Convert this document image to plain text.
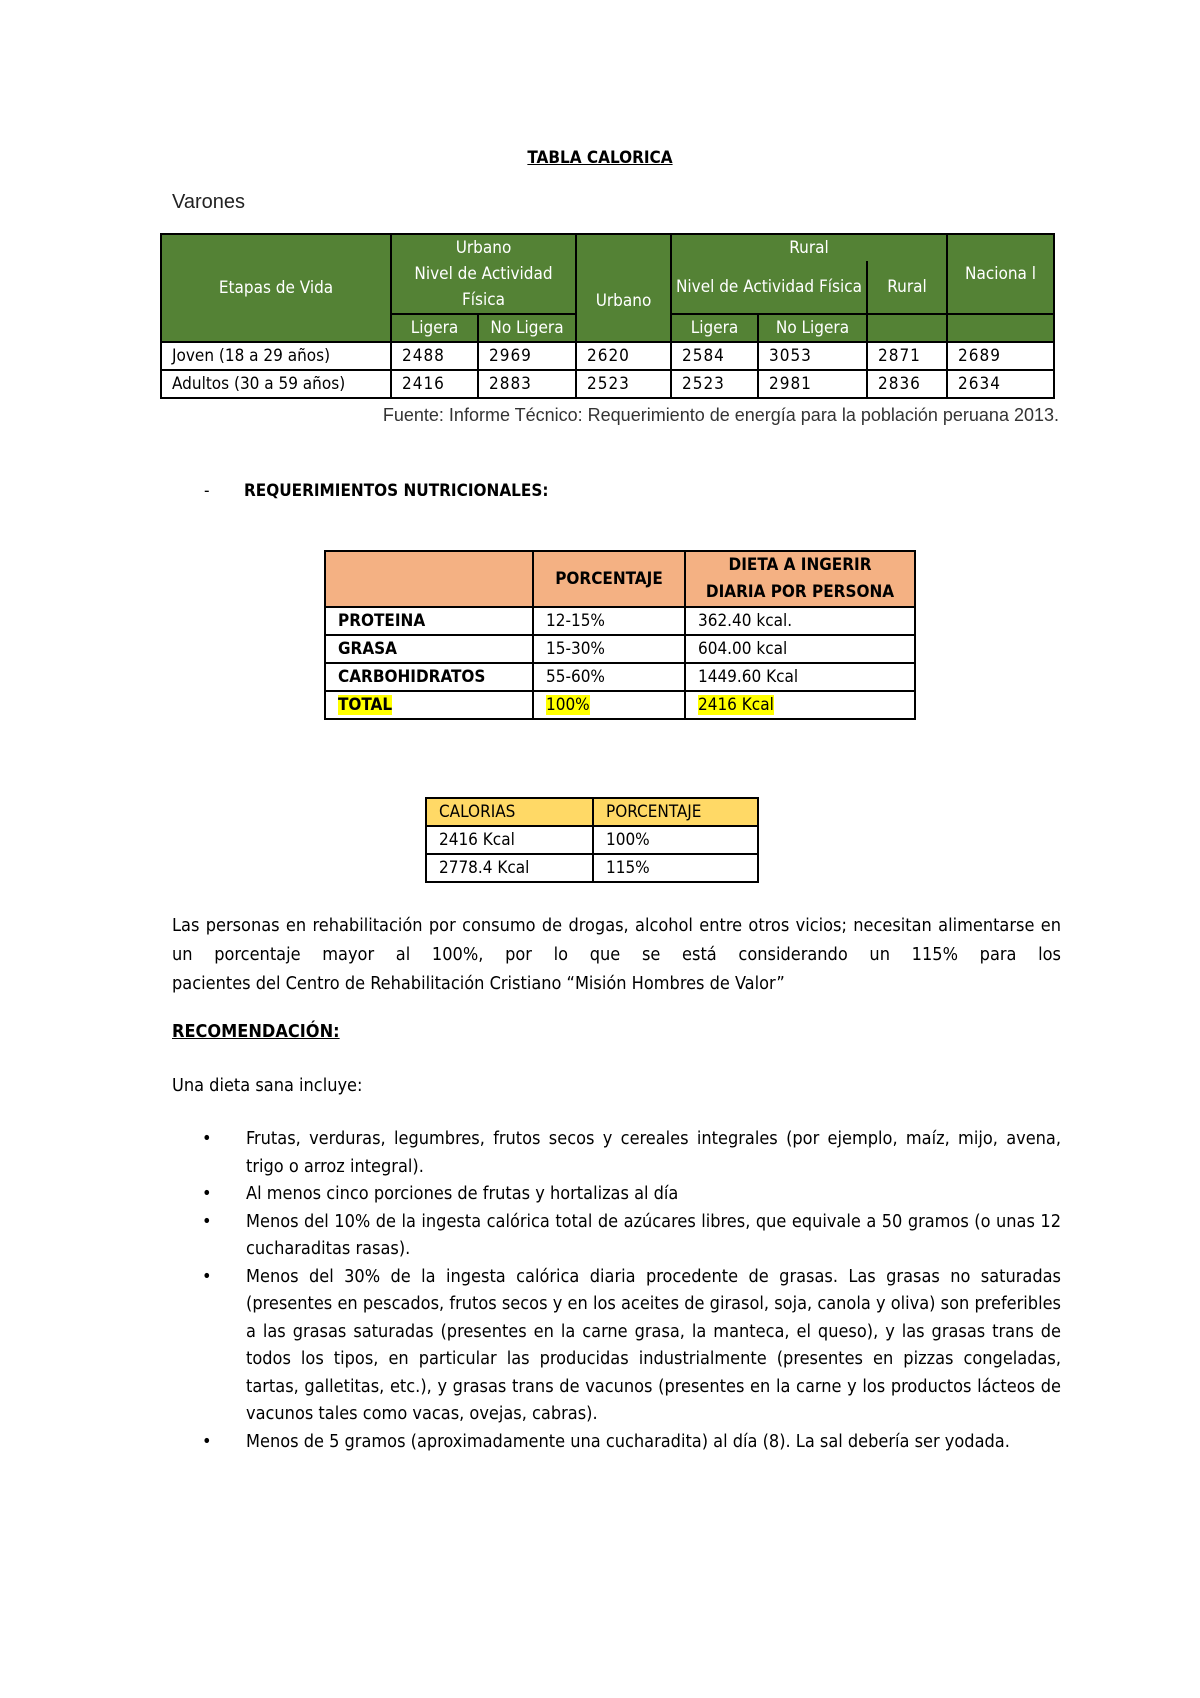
TABLA CALORICA
Varones
Etapas de Vida	Urbano			Rural			Naciona l
	Nivel de Actividad Física		Urbano	Nivel de Actividad Física		Rural	
	Ligera	No Ligera		Ligera	No Ligera		
Joven (18 a 29 años)	2488	2969	2620	2584	3053	2871	2689
Adultos (30 a 59 años)	2416	2883	2523	2523	2981	2836	2634
Fuente: Informe Técnico: Requerimiento de energía para la población peruana 2013.
- REQUERIMIENTOS NUTRICIONALES:
	PORCENTAJE	DIETA A INGERIR
DIARIA POR PERSONA

PROTEINA	12-15%	362.40 kcal.
GRASA	15-30%	604.00 kcal
CARBOHIDRATOS	55-60%	1449.60 Kcal
TOTAL	100%	2416 Kcal
CALORIAS	PORCENTAJE
2416 Kcal	100%
2778.4 Kcal	115%
Las personas en rehabilitación por consumo de drogas, alcohol entre otros vicios; necesitan alimentarse en un porcentaje mayor al 100%, por lo que se está considerando un 115% para los
pacientes del Centro de Rehabilitación Cristiano “Misión Hombres de Valor”
RECOMENDACIÓN:
Una dieta sana incluye:
• Frutas, verduras, legumbres, frutos secos y cereales integrales (por ejemplo, maíz, mijo, avena, trigo o arroz integral).
• Al menos cinco porciones de frutas y hortalizas al día
• Menos del 10% de la ingesta calórica total de azúcares libres, que equivale a 50 gramos (o unas 12 cucharaditas rasas).
• Menos del 30% de la ingesta calórica diaria procedente de grasas. Las grasas no saturadas (presentes en pescados, frutos secos y en los aceites de girasol, soja, canola y oliva) son preferibles a las grasas saturadas (presentes en la carne grasa, la manteca, el queso), y las grasas trans de todos los tipos, en particular las producidas industrialmente (presentes en pizzas congeladas, tartas, galletitas, etc.), y grasas trans de vacunos (presentes en la carne y los productos lácteos de vacunos tales como vacas, ovejas, cabras).
• Menos de 5 gramos (aproximadamente una cucharadita) al día (8). La sal debería ser yodada.
